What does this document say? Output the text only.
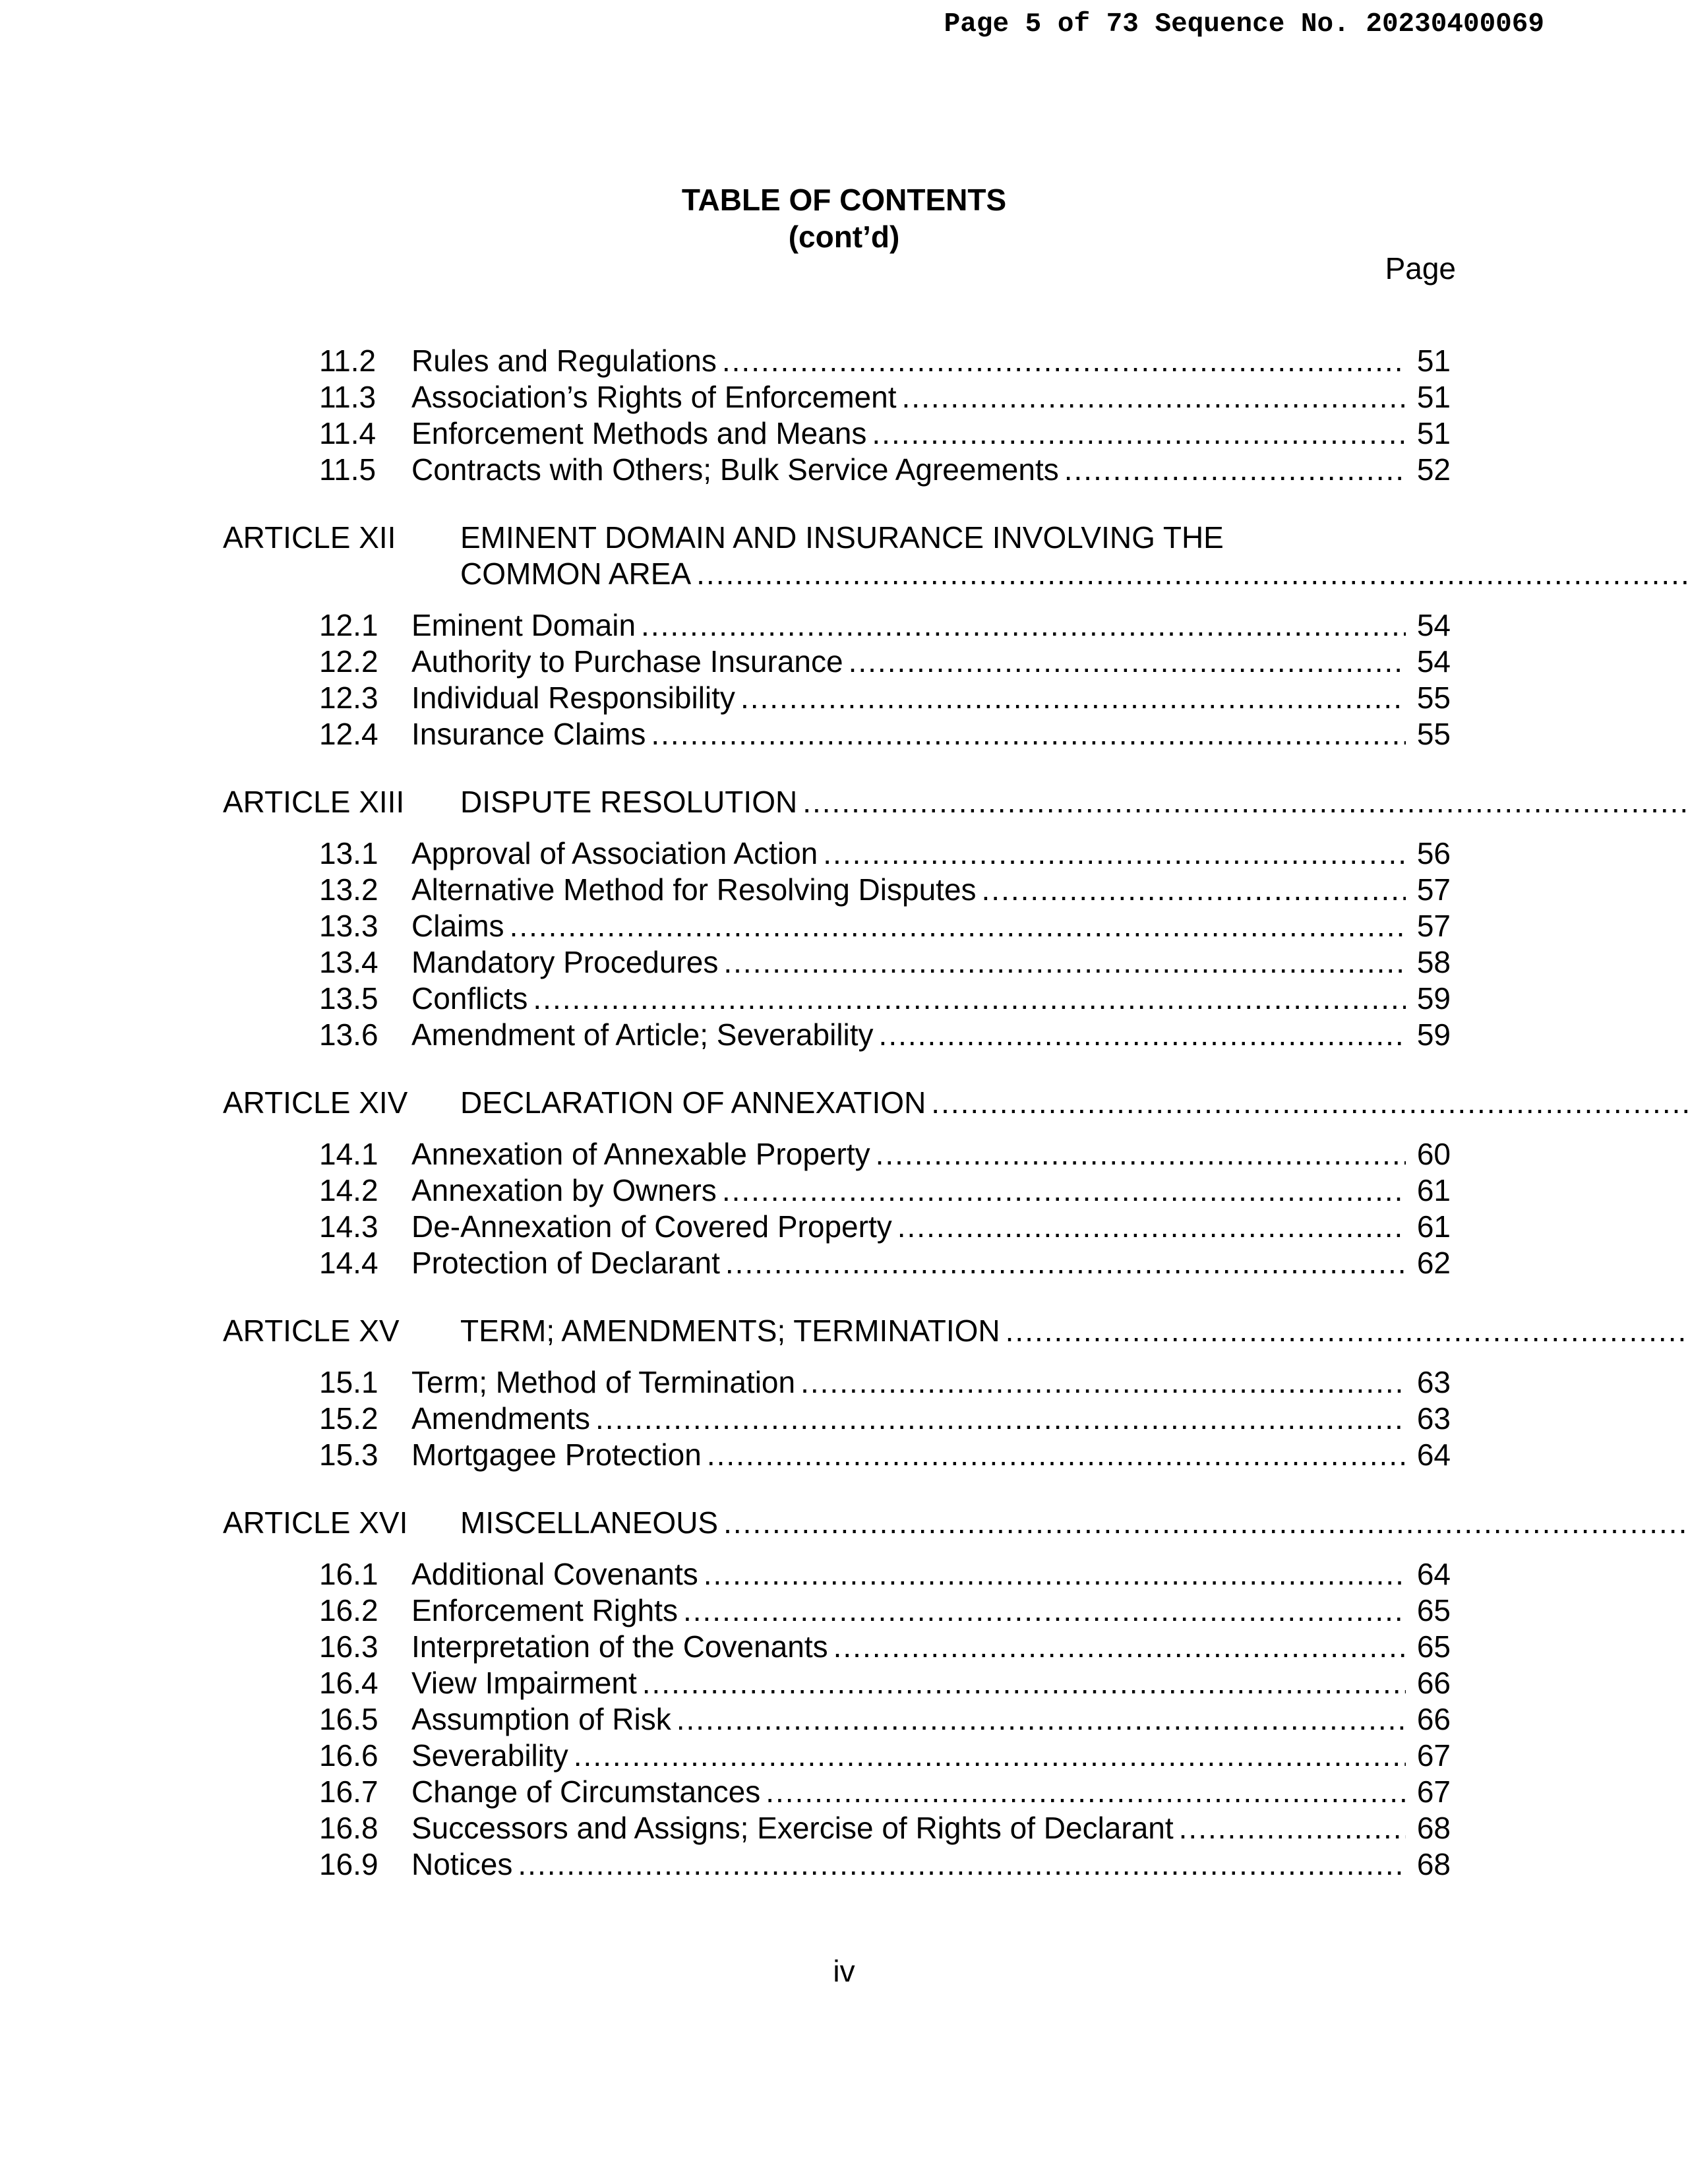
Page 5 of 73 Sequence No. 20230400069
TABLE OF CONTENTS
(cont’d)
Page
11.2	Rules and Regulations .....	51
11.3	Association’s Rights of Enforcement .....	51
11.4	Enforcement Methods and Means .....	51
11.5	Contracts with Others; Bulk Service Agreements .....	52
ARTICLE XII	EMINENT DOMAIN AND INSURANCE INVOLVING THE
COMMON AREA
.....
12.1	Eminent Domain .....	54
12.2	Authority to Purchase Insurance .....	54
12.3	Individual Responsibility .....	55
12.4	Insurance Claims .....	55
ARTICLE XIII	DISPUTE RESOLUTION
.....
13.1	Approval of Association Action .....	56
13.2	Alternative Method for Resolving Disputes .....	57
13.3	Claims .....	57
13.4	Mandatory Procedures .....	58
13.5	Conflicts .....	59
13.6	Amendment of Article; Severability .....	59
ARTICLE XIV	DECLARATION OF ANNEXATION
.....
14.1	Annexation of Annexable Property .....	60
14.2	Annexation by Owners .....	61
14.3	De-Annexation of Covered Property .....	61
14.4	Protection of Declarant .....	62
ARTICLE XV	TERM; AMENDMENTS; TERMINATION
.....
15.1	Term; Method of Termination .....	63
15.2	Amendments .....	63
15.3	Mortgagee Protection .....	64
ARTICLE XVI	MISCELLANEOUS
.....
16.1	Additional Covenants .....	64
16.2	Enforcement Rights .....	65
16.3	Interpretation of the Covenants .....	65
16.4	View Impairment .....	66
16.5	Assumption of Risk .....	66
16.6	Severability .....	67
16.7	Change of Circumstances .....	67
16.8	Successors and Assigns; Exercise of Rights of Declarant .....	68
16.9	Notices .....	68
iv
